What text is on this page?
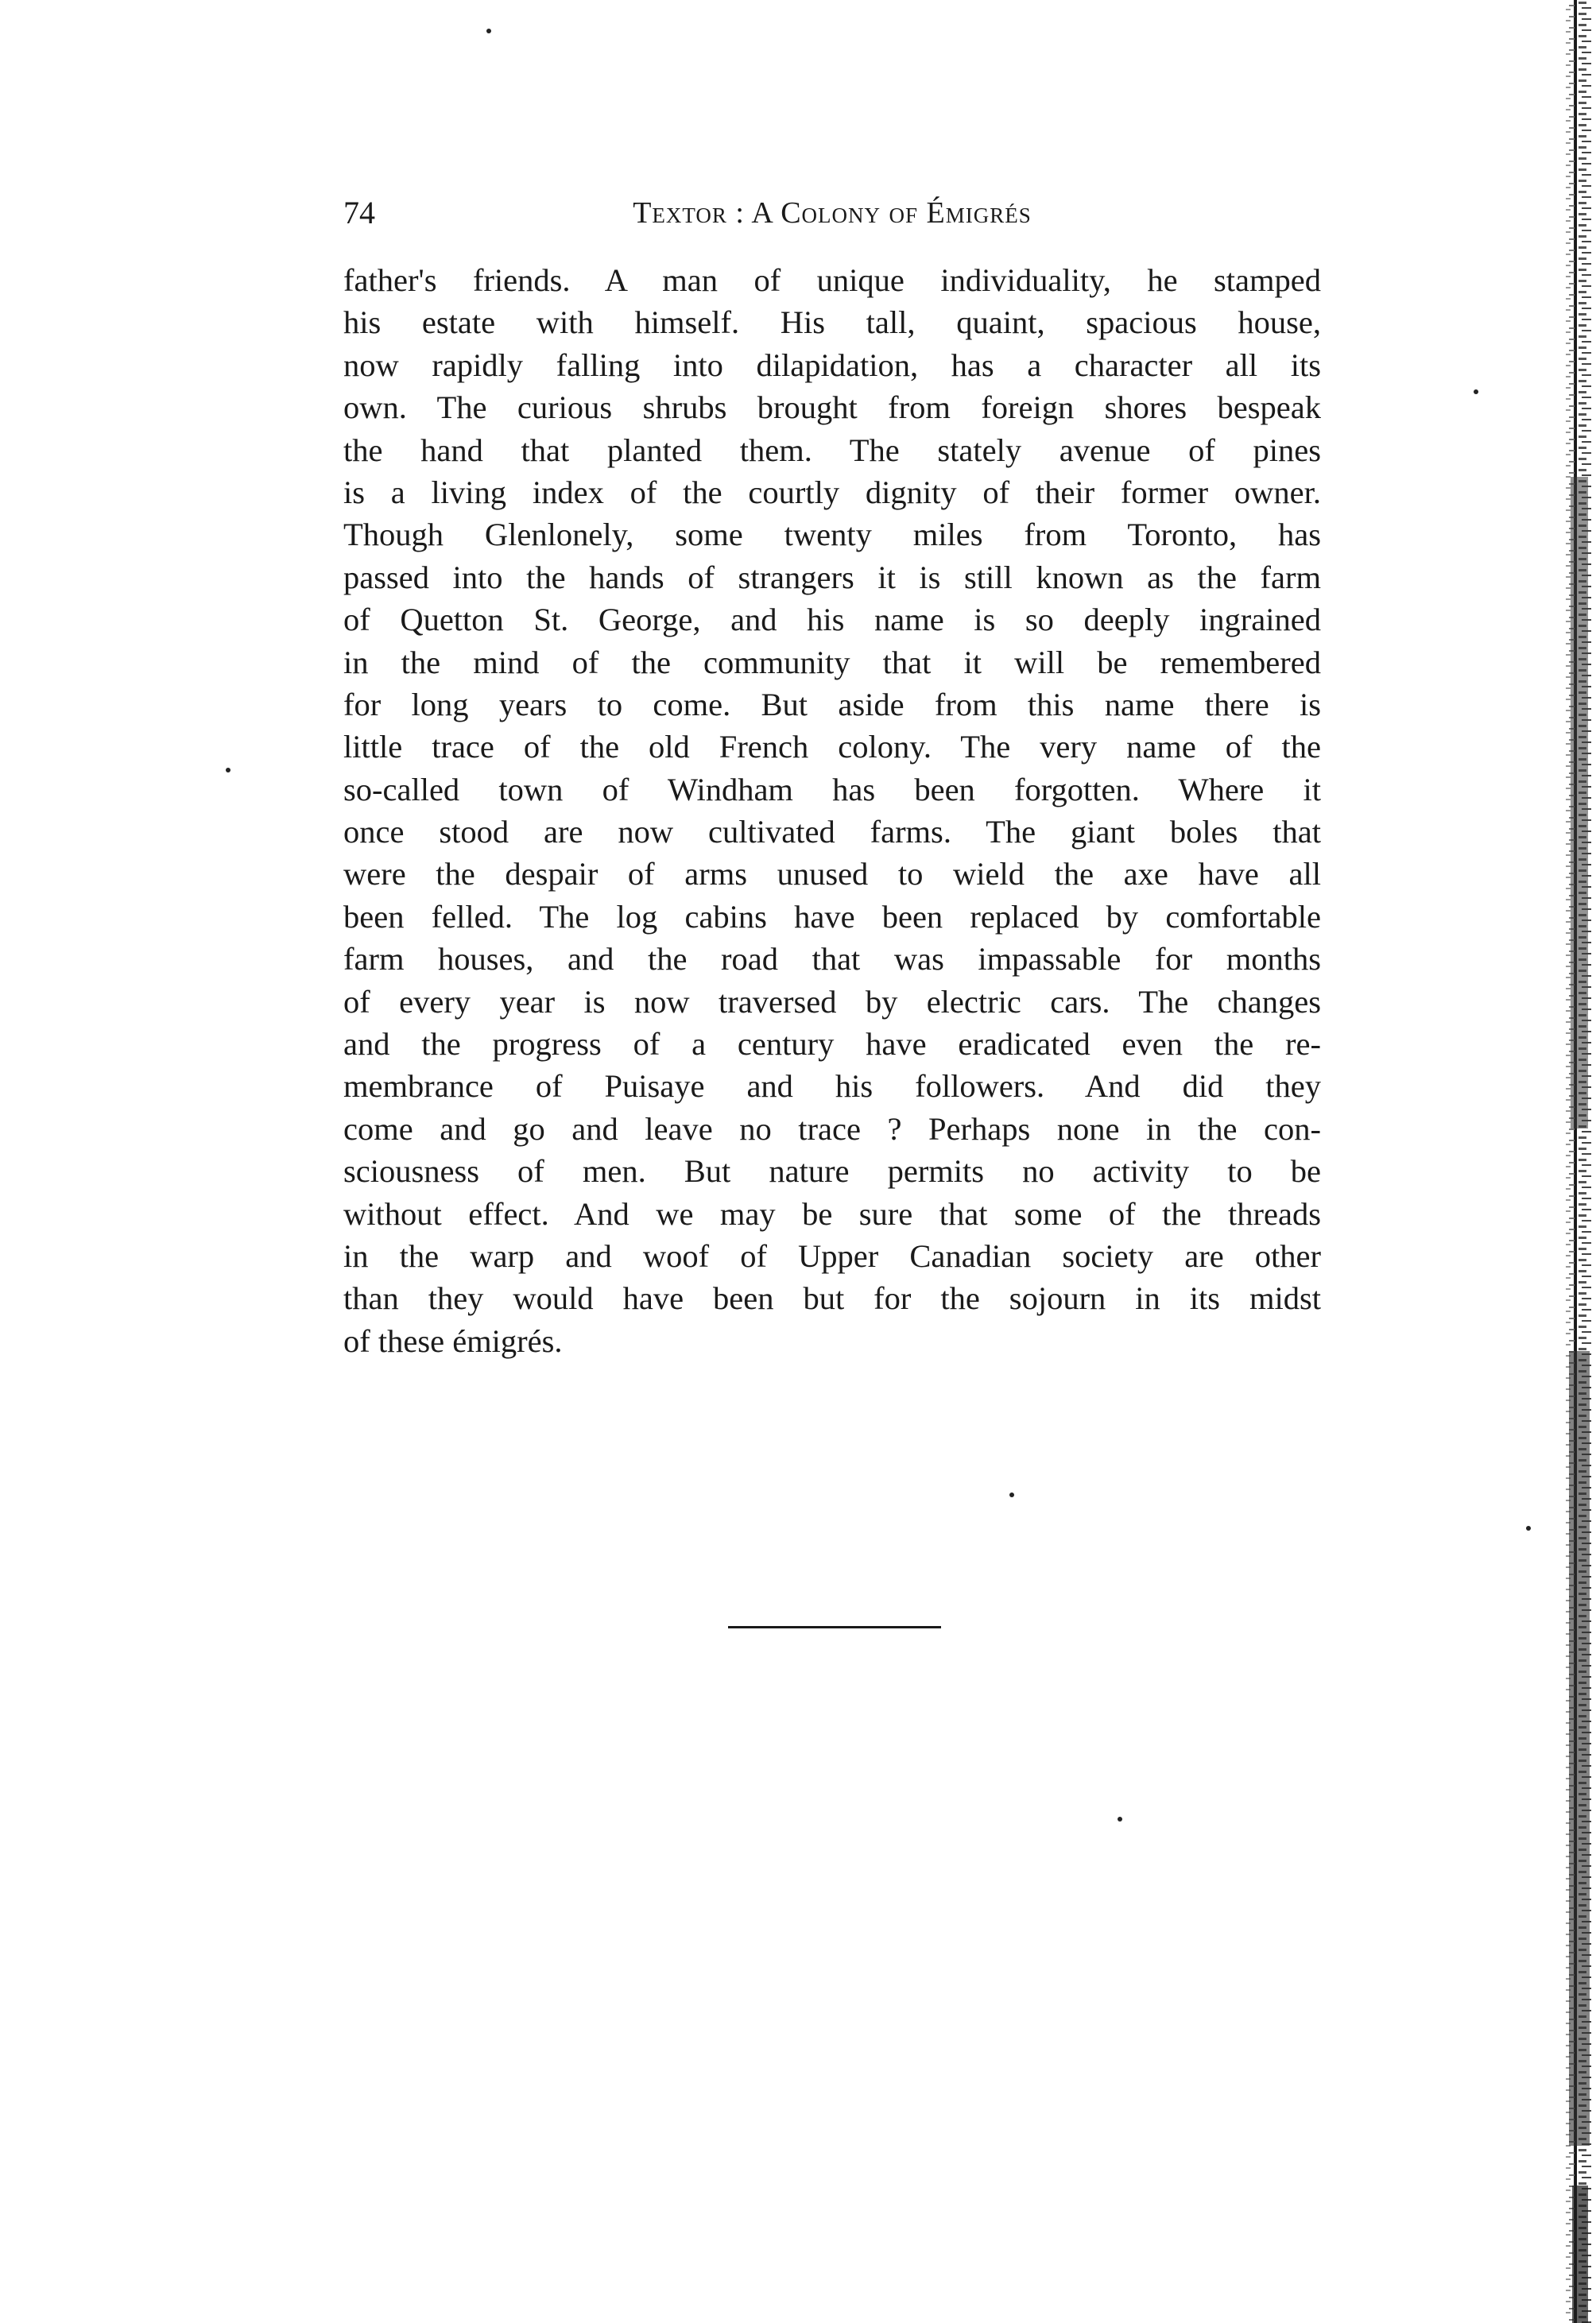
74	Textor : A Colony of Émigrés
father's friends. A man of unique individuality, he stamped
his estate with himself. His tall, quaint, spacious house,
now rapidly falling into dilapidation, has a character all its
own. The curious shrubs brought from foreign shores bespeak
the hand that planted them. The stately avenue of pines
is a living index of the courtly dignity of their former owner.
Though Glenlonely, some twenty miles from Toronto, has
passed into the hands of strangers it is still known as the farm
of Quetton St. George, and his name is so deeply ingrained
in the mind of the community that it will be remembered
for long years to come. But aside from this name there is
little trace of the old French colony. The very name of the
so-called town of Windham has been forgotten. Where it
once stood are now cultivated farms. The giant boles that
were the despair of arms unused to wield the axe have all
been felled. The log cabins have been replaced by comfortable
farm houses, and the road that was impassable for months
of every year is now traversed by electric cars. The changes
and the progress of a century have eradicated even the re-
membrance of Puisaye and his followers. And did they
come and go and leave no trace ? Perhaps none in the con-
sciousness of men. But nature permits no activity to be
without effect. And we may be sure that some of the threads
in the warp and woof of Upper Canadian society are other
than they would have been but for the sojourn in its midst
of these émigrés.
